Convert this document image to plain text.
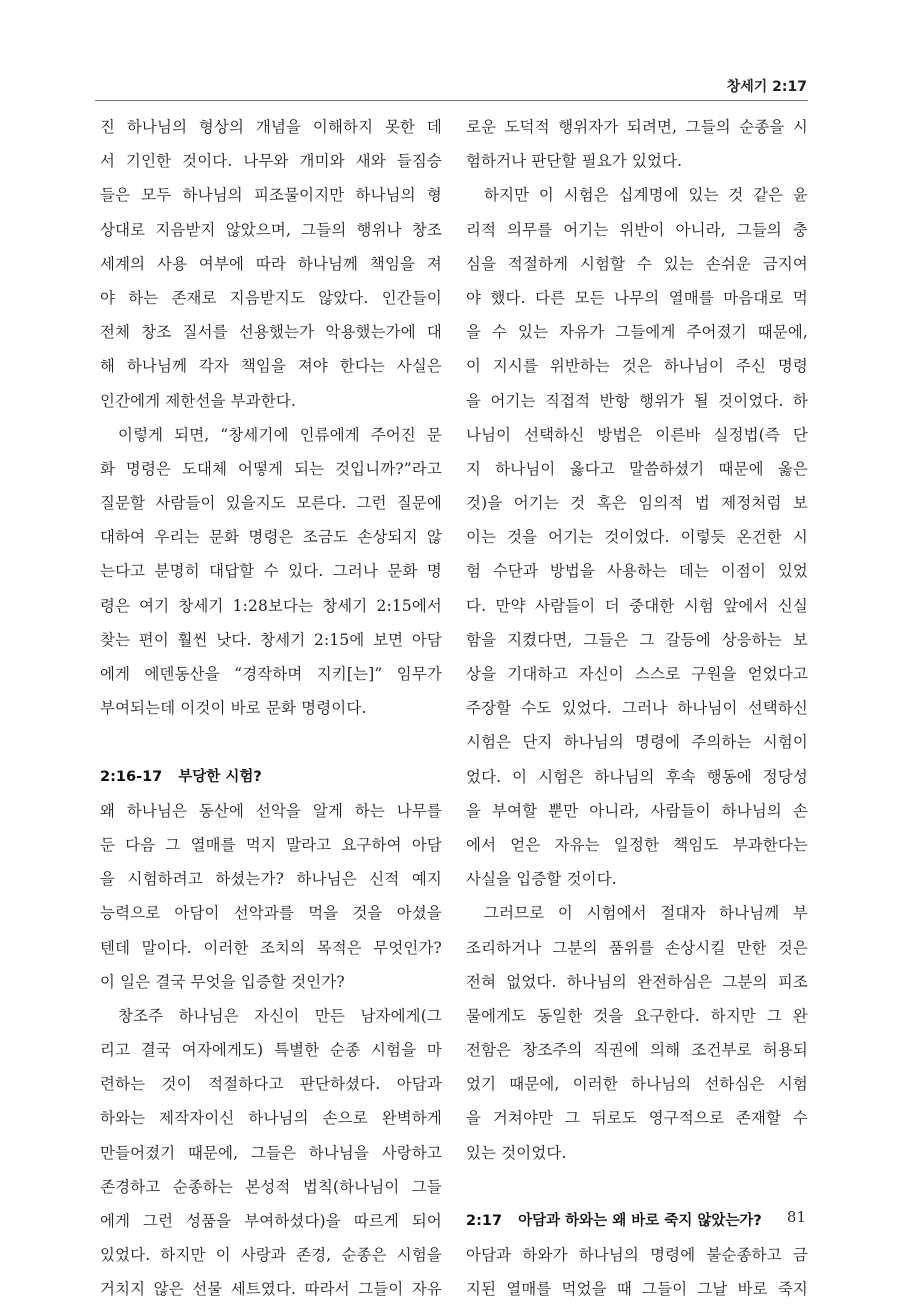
창세기 2:17
진 하나님의 형상의 개념을 이해하지 못한 데
서 기인한 것이다. 나무와 개미와 새와 들짐승
들은 모두 하나님의 피조물이지만 하나님의 형
상대로 지음받지 않았으며, 그들의 행위나 창조
세계의 사용 여부에 따라 하나님께 책임을 져
야 하는 존재로 지음받지도 않았다. 인간들이
전체 창조 질서를 선용했는가 악용했는가에 대
해 하나님께 각자 책임을 져야 한다는 사실은
인간에게 제한선을 부과한다.
이렇게 되면, “창세기에 인류에게 주어진 문
화 명령은 도대체 어떻게 되는 것입니까?”라고
질문할 사람들이 있을지도 모른다. 그런 질문에
대하여 우리는 문화 명령은 조금도 손상되지 않
는다고 분명히 대답할 수 있다. 그러나 문화 명
령은 여기 창세기 1:28보다는 창세기 2:15에서
찾는 편이 훨씬 낫다. 창세기 2:15에 보면 아담
에게 에덴동산을 “경작하며 지키[는]” 임무가
부여되는데 이것이 바로 문화 명령이다.
2:16-17 부당한 시험?
왜 하나님은 동산에 선악을 알게 하는 나무를
둔 다음 그 열매를 먹지 말라고 요구하여 아담
을 시험하려고 하셨는가? 하나님은 신적 예지
능력으로 아담이 선악과를 먹을 것을 아셨을
텐데 말이다. 이러한 조치의 목적은 무엇인가?
이 일은 결국 무엇을 입증할 것인가?
창조주 하나님은 자신이 만든 남자에게(그
리고 결국 여자에게도) 특별한 순종 시험을 마
련하는 것이 적절하다고 판단하셨다. 아담과
하와는 제작자이신 하나님의 손으로 완벽하게
만들어졌기 때문에, 그들은 하나님을 사랑하고
존경하고 순종하는 본성적 법칙(하나님이 그들
에게 그런 성품을 부여하셨다)을 따르게 되어
있었다. 하지만 이 사랑과 존경, 순종은 시험을
거치지 않은 선물 세트였다. 따라서 그들이 자유
로운 도덕적 행위자가 되려면, 그들의 순종을 시
험하거나 판단할 필요가 있었다.
하지만 이 시험은 십계명에 있는 것 같은 윤
리적 의무를 어기는 위반이 아니라, 그들의 충
심을 적절하게 시험할 수 있는 손쉬운 금지여
야 했다. 다른 모든 나무의 열매를 마음대로 먹
을 수 있는 자유가 그들에게 주어졌기 때문에,
이 지시를 위반하는 것은 하나님이 주신 명령
을 어기는 직접적 반항 행위가 될 것이었다. 하
나님이 선택하신 방법은 이른바 실정법(즉 단
지 하나님이 옳다고 말씀하셨기 때문에 옳은
것)을 어기는 것 혹은 임의적 법 제정처럼 보
이는 것을 어기는 것이었다. 이렇듯 온건한 시
험 수단과 방법을 사용하는 데는 이점이 있었
다. 만약 사람들이 더 중대한 시험 앞에서 신실
함을 지켰다면, 그들은 그 갈등에 상응하는 보
상을 기대하고 자신이 스스로 구원을 얻었다고
주장할 수도 있었다. 그러나 하나님이 선택하신
시험은 단지 하나님의 명령에 주의하는 시험이
었다. 이 시험은 하나님의 후속 행동에 정당성
을 부여할 뿐만 아니라, 사람들이 하나님의 손
에서 얻은 자유는 일정한 책임도 부과한다는
사실을 입증할 것이다.
그러므로 이 시험에서 절대자 하나님께 부
조리하거나 그분의 품위를 손상시킬 만한 것은
전혀 없었다. 하나님의 완전하심은 그분의 피조
물에게도 동일한 것을 요구한다. 하지만 그 완
전함은 창조주의 직권에 의해 조건부로 허용되
었기 때문에, 이러한 하나님의 선하심은 시험
을 거쳐야만 그 뒤로도 영구적으로 존재할 수
있는 것이었다.
2:17 아담과 하와는 왜 바로 죽지 않았는가?
아담과 하와가 하나님의 명령에 불순종하고 금
지된 열매를 먹었을 때 그들이 그날 바로 죽지
81
